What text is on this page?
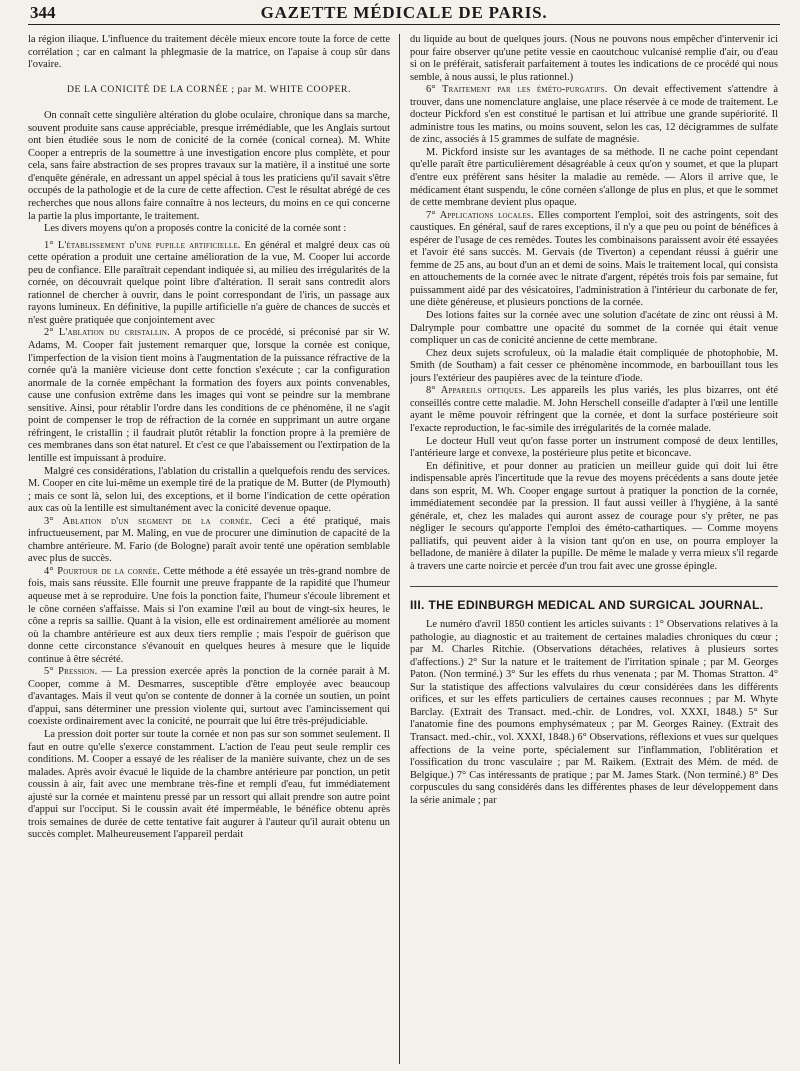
344	GAZETTE MÉDICALE DE PARIS.

la région iliaque. L'influence du traitement décèle mieux encore toute la force de cette corrélation ; car en calmant la phlegmasie de la matrice, on l'apaise à coup sûr dans l'ovaire.

DE LA CONICITÉ DE LA CORNÉE ; par M. WHITE COOPER.

On connaît cette singulière altération du globe oculaire, chronique dans sa marche, souvent produite sans cause appréciable, presque irrémédiable, que les Anglais surtout ont bien étudiée sous le nom de conicité de la cornée (conical cornea). M. White Cooper a entrepris de la soumettre à une investigation encore plus complète, et pour cela, sans faire abstraction de ses propres travaux sur la matière, il a institué une sorte d'enquête générale, en adressant un appel spécial à tous les praticiens qu'il savait s'être occupés de la pathologie et de la cure de cette affection. C'est le résultat abrégé de ces recherches que nous allons faire connaître à nos lecteurs, du moins en ce qui concerne la partie la plus importante, le traitement.

Les divers moyens qu'on a proposés contre la conicité de la cornée sont :

1° L'établissement d'une pupille artificielle. En général et malgré deux cas où cette opération a produit une certaine amélioration de la vue, M. Cooper lui accorde peu de confiance. Elle paraîtrait cependant indiquée si, au milieu des irrégularités de la cornée, on découvrait quelque point libre d'altération. Il serait sans contredit alors rationnel de chercher à ouvrir, dans le point correspondant de l'iris, un passage aux rayons lumineux. En définitive, la pupille artificielle n'a guère de chances de succès et n'est guère pratiquée que conjointement avec

2° L'ablation du cristallin. A propos de ce procédé, si préconisé par sir W. Adams, M. Cooper fait justement remarquer que, lorsque la cornée est conique, l'imperfection de la vision tient moins à l'augmentation de la puissance réfractive de la cornée qu'à la manière vicieuse dont cette fonction s'exécute ; car la configuration anormale de la cornée empêchant la formation des foyers aux points convenables, cause une confusion extrême dans les images qui vont se peindre sur la membrane sensitive. Ainsi, pour rétablir l'ordre dans les conditions de ce phénomène, il ne s'agit point de compenser le trop de réfraction de la cornée en supprimant un autre organe réfringent, le cristallin ; il faudrait plutôt rétablir la fonction propre à la première de ces membranes dans son état naturel. Et c'est ce que l'abaissement ou l'extirpation de la lentille est impuissant à produire.

Malgré ces considérations, l'ablation du cristallin a quelquefois rendu des services. M. Cooper en cite lui-même un exemple tiré de la pratique de M. Butter (de Plymouth) ; mais ce sont là, selon lui, des exceptions, et il borne l'indication de cette opération aux cas où la lentille est simultanément avec la conicité devenue opaque.

3° Ablation d'un segment de la cornée. Ceci a été pratiqué, mais infructueusement, par M. Maling, en vue de procurer une diminution de capacité de la chambre antérieure. M. Fario (de Bologne) paraît avoir tenté une opération semblable avec plus de succès.

4° Pourtour de la cornée. Cette méthode a été essayée un très-grand nombre de fois, mais sans réussite. Elle fournit une preuve frappante de la rapidité que l'humeur aqueuse met à se reproduire. Une fois la ponction faite, l'humeur s'écoule librement et le cône cornéen s'affaisse. Mais si l'on examine l'œil au bout de vingt-six heures, le cône a repris sa saillie. Quant à la vision, elle est ordinairement améliorée au moment où la chambre antérieure est aux deux tiers remplie ; mais l'espoir de guérison que donne cette circonstance s'évanouit en quelques heures à mesure que le liquide continue à être sécrété.

5° Pression. — La pression exercée après la ponction de la cornée parait à M. Cooper, comme à M. Desmarres, susceptible d'être employée avec beaucoup d'avantages. Mais il veut qu'on se contente de donner à la cornée un soutien, un point d'appui, sans déterminer une pression violente qui, surtout avec l'amincissement qui coexiste ordinairement avec la conicité, ne pourrait que lui être très-préjudiciable.

La pression doit porter sur toute la cornée et non pas sur son sommet seulement. Il faut en outre qu'elle s'exerce constamment. L'action de l'eau peut seule remplir ces conditions. M. Cooper a essayé de les réaliser de la manière suivante, chez un de ses malades. Après avoir évacué le liquide de la chambre antérieure par ponction, un petit coussin à air, fait avec une membrane très-fine et rempli d'eau, fut immédiatement ajusté sur la cornée et maintenu pressé par un ressort qui allait prendre son autre point d'appui sur l'occiput. Si le coussin avait été imperméable, le bénéfice obtenu après trois semaines de durée de cette tentative fait augurer à l'auteur qu'il aurait obtenu un succès complet. Malheureusement l'appareil perdait

du liquide au bout de quelques jours. (Nous ne pouvons nous empêcher d'intervenir ici pour faire observer qu'une petite vessie en caoutchouc vulcanisé remplie d'air, ou d'eau si on le préférait, satisferait parfaitement à toutes les indications de ce procédé qui nous semble, à nous aussi, le plus rationnel.)

6° Traitement par les éméto-purgatifs. On devait effectivement s'attendre à trouver, dans une nomenclature anglaise, une place réservée à ce mode de traitement. Le docteur Pickford s'en est constitué le partisan et lui attribue une grande supériorité. Il administre tous les matins, ou moins souvent, selon les cas, 12 décigrammes de sulfate de zinc, associés à 15 grammes de sulfate de magnésie.

M. Pickford insiste sur les avantages de sa méthode. Il ne cache point cependant qu'elle paraît être particulièrement désagréable à ceux qu'on y soumet, et que la plupart d'entre eux préfèrent sans hésiter la maladie au remède. — Alors il arrive que, le médicament étant suspendu, le cône cornéen s'allonge de plus en plus, et que le sommet de cette membrane devient plus opaque.

7° Applications locales. Elles comportent l'emploi, soit des astringents, soit des caustiques. En général, sauf de rares exceptions, il n'y a que peu ou point de bénéfices à espérer de l'usage de ces remèdes. Toutes les combinaisons paraissent avoir été essayées et l'avoir été sans succès. M. Gervais (de Tiverton) a cependant réussi à guérir une femme de 25 ans, au bout d'un an et demi de soins. Mais le traitement local, qui consista en attouchements de la cornée avec le nitrate d'argent, répétés trois fois par semaine, fut puissamment aidé par des vésicatoires, l'administration à l'intérieur du carbonate de fer, une diète généreuse, et plusieurs ponctions de la cornée.

Des lotions faites sur la cornée avec une solution d'acétate de zinc ont réussi à M. Dalrymple pour combattre une opacité du sommet de la cornée qui était venue compliquer un cas de conicité ancienne de cette membrane.

Chez deux sujets scrofuleux, où la maladie était compliquée de photophobie, M. Smith (de Southam) a fait cesser ce phénomène incommode, en barbouillant tous les jours l'extérieur des paupières avec de la teinture d'iode.

8° Appareils optiques. Les appareils les plus variés, les plus bizarres, ont été conseillés contre cette maladie. M. John Herschell conseille d'adapter à l'œil une lentille ayant le même pouvoir réfringent que la cornée, et dont la surface postérieure soit l'exacte reproduction, le fac-simile des irrégularités de la cornée malade.

Le docteur Hull veut qu'on fasse porter un instrument composé de deux lentilles, l'antérieure large et convexe, la postérieure plus petite et biconcave.

En définitive, et pour donner au praticien un meilleur guide qui doit lui être indispensable après l'incertitude que la revue des moyens précédents a sans doute jetée dans son esprit, M. Wh. Cooper engage surtout à pratiquer la ponction de la cornée, immédiatement secondée par la pression. Il faut aussi veiller à l'hygiène, à la santé générale, et, chez les malades qui auront assez de courage pour s'y prêter, ne pas négliger le secours qu'apporte l'emploi des éméto-cathartiques. — Comme moyens palliatifs, qui peuvent aider à la vision tant qu'on en use, on pourra employer la belladone, de manière à dilater la pupille. De même le malade y verra mieux s'il regarde à travers une carte noircie et percée d'un trou fait avec une grosse épingle.

III. THE EDINBURGH MEDICAL AND SURGICAL JOURNAL.

Le numéro d'avril 1850 contient les articles suivants : 1° Observations relatives à la pathologie, au diagnostic et au traitement de certaines maladies chroniques du cœur ; par M. Charles Ritchie. (Observations détachées, relatives à plusieurs sortes d'affections.) 2° Sur la nature et le traitement de l'irritation spinale ; par M. Georges Paton. (Non terminé.) 3° Sur les effets du rhus venenata ; par M. Thomas Stratton. 4° Sur la statistique des affections valvulaires du cœur considérées dans les différents orifices, et sur les effets particuliers de certaines causes reconnues ; par M. Whyte Barclay. (Extrait des Transact. med.-chir. de Londres, vol. XXXI, 1848.) 5° Sur l'anatomie fine des poumons emphysémateux ; par M. Georges Rainey. (Extrait des Transact. med.-chir., vol. XXXI, 1848.) 6° Observations, réflexions et vues sur quelques affections de la veine porte, spécialement sur l'inflammation, l'oblitération et l'ossification du tronc vasculaire ; par M. Raikem. (Extrait des Mém. de méd. de Belgique.) 7° Cas intéressants de pratique ; par M. James Stark. (Non terminé.) 8° Des corpuscules du sang considérés dans les différentes phases de leur développement dans la série animale ; par
